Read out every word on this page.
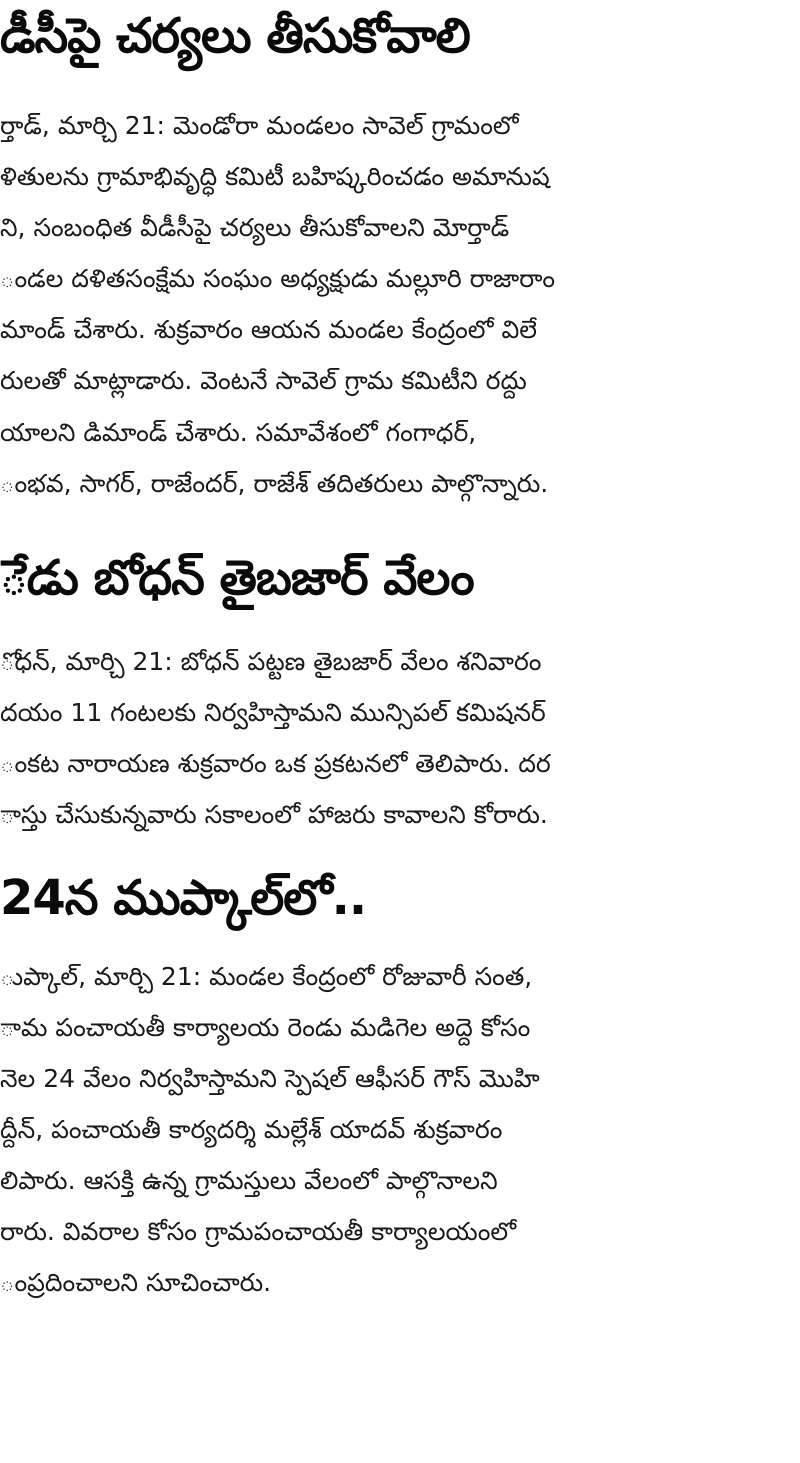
డీసీపై చర్యలు తీసుకోవాలి
ర్తాడ్, మార్చి 21: మెండోరా మండలం సావెల్ గ్రామంలో
ళితులను గ్రామాభివృద్ధి కమిటీ బహిష్కరించడం అమానుష
ని, సంబంధిత వీడీసీపై చర్యలు తీసుకోవాలని మోర్తాడ్
ండల దళితసంక్షేమ సంఘం అధ్యక్షుడు మల్లూరి రాజారాం
మాండ్ చేశారు. శుక్రవారం ఆయన మండల కేంద్రంలో విలే
రులతో మాట్లాడారు. వెంటనే సావెల్ గ్రామ కమిటీని రద్దు
యాలని డిమాండ్ చేశారు. సమావేశంలో గంగాధర్,
ంభవ, సాగర్, రాజేందర్, రాజేశ్ తదితరులు పాల్గొన్నారు.
ేడు బోధన్ తైబజార్ వేలం
ోధన్, మార్చి 21: బోధన్ పట్టణ తైబజార్ వేలం శనివారం
దయం 11 గంటలకు నిర్వహిస్తామని మున్సిపల్ కమిషనర్
ంకట నారాయణ శుక్రవారం ఒక ప్రకటనలో తెలిపారు. దర
ాస్తు చేసుకున్నవారు సకాలంలో హాజరు కావాలని కోరారు.
24న ముప్కాల్‌లో..
ుప్కాల్, మార్చి 21: మండల కేంద్రంలో రోజువారీ సంత,
ామ పంచాయతీ కార్యాలయ రెండు మడిగెల అద్దె కోసం
నెల 24 వేలం నిర్వహిస్తామని స్పెషల్ ఆఫీసర్ గౌస్ మొహి
ద్దీన్, పంచాయతీ కార్యదర్శి మల్లేశ్ యాదవ్ శుక్రవారం
లిపారు. ఆసక్తి ఉన్న గ్రామస్తులు వేలంలో పాల్గొనాలని
రారు. వివరాల కోసం గ్రామపంచాయతీ కార్యాలయంలో
ంప్రదించాలని సూచించారు.
